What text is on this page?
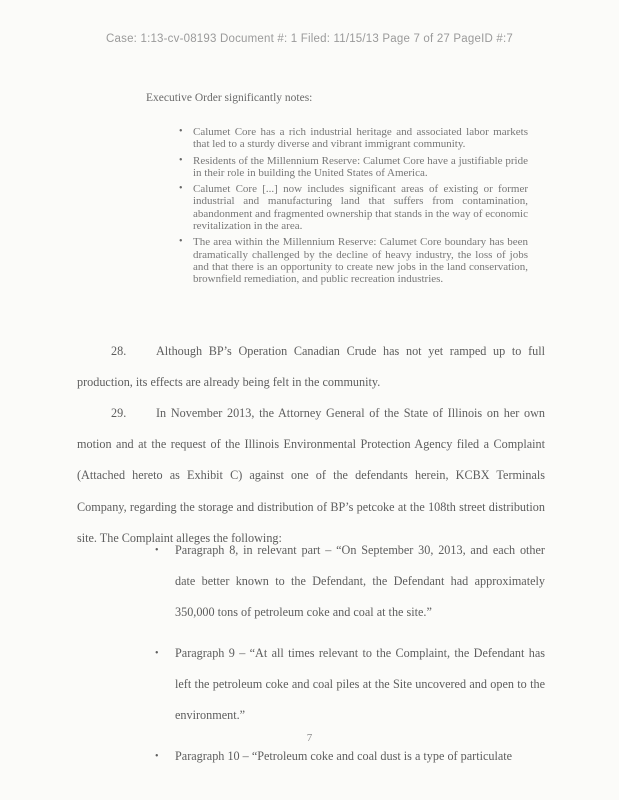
Case: 1:13-cv-08193 Document #: 1 Filed: 11/15/13 Page 7 of 27 PageID #:7
Executive Order significantly notes:
• Calumet Core has a rich industrial heritage and associated labor markets that led to a sturdy diverse and vibrant immigrant community.
• Residents of the Millennium Reserve: Calumet Core have a justifiable pride in their role in building the United States of America.
• Calumet Core [...] now includes significant areas of existing or former industrial and manufacturing land that suffers from contamination, abandonment and fragmented ownership that stands in the way of economic revitalization in the area.
• The area within the Millennium Reserve: Calumet Core boundary has been dramatically challenged by the decline of heavy industry, the loss of jobs and that there is an opportunity to create new jobs in the land conservation, brownfield remediation, and public recreation industries.
28. Although BP’s Operation Canadian Crude has not yet ramped up to full production, its effects are already being felt in the community.
29. In November 2013, the Attorney General of the State of Illinois on her own motion and at the request of the Illinois Environmental Protection Agency filed a Complaint (Attached hereto as Exhibit C) against one of the defendants herein, KCBX Terminals Company, regarding the storage and distribution of BP’s petcoke at the 108th street distribution site. The Complaint alleges the following:
• Paragraph 8, in relevant part – “On September 30, 2013, and each other date better known to the Defendant, the Defendant had approximately 350,000 tons of petroleum coke and coal at the site.”
• Paragraph 9 – “At all times relevant to the Complaint, the Defendant has left the petroleum coke and coal piles at the Site uncovered and open to the environment.”
• Paragraph 10 – “Petroleum coke and coal dust is a type of particulate
7
